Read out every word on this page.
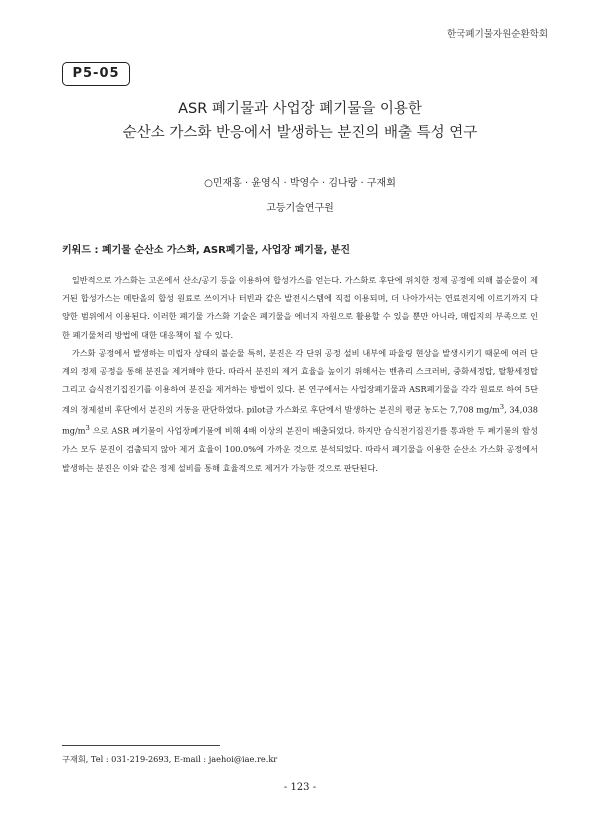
한국폐기물자원순환학회
P5-05
ASR 폐기물과 사업장 폐기물을 이용한
순산소 가스화 반응에서 발생하는 분진의 배출 특성 연구
○민재홍 · 윤영식 · 박영수 · 김나랑 · 구재회
고등기술연구원
키워드 : 폐기물 순산소 가스화, ASR폐기물, 사업장 폐기물, 분진

일반적으로 가스화는 고온에서 산소/공기 등을 이용하여 합성가스를 얻는다. 가스화로 후단에 위치한 정제 공정에 의해 불순물이 제거된 합성가스는 메탄올의 합성 원료로 쓰이거나 터빈과 같은 발전시스템에 직접 이용되며, 더 나아가서는 연료전지에 이르기까지 다양한 범위에서 이용된다. 이러한 폐기물 가스화 기술은 폐기물을 에너지 자원으로 활용할 수 있을 뿐만 아니라, 매립지의 부족으로 인한 폐기물처리 방법에 대한 대응책이 될 수 있다.

가스화 공정에서 발생하는 미립자 상태의 불순물 특히, 분진은 각 단위 공정 설비 내부에 파울링 현상을 발생시키기 때문에 여러 단계의 정제 공정을 통해 분진을 제거해야 한다. 따라서 분진의 제거 효율을 높이기 위해서는 벤츄리 스크러버, 중화세정탑, 탈황세정탑 그리고 습식전기집진기를 이용하여 분진을 제거하는 방법이 있다. 본 연구에서는 사업장폐기물과 ASR폐기물을 각각 원료로 하여 5단계의 정제설비 후단에서 분진의 거동을 판단하였다. pilot급 가스화로 후단에서 발생하는 분진의 평균 농도는 7,708 $mg/m^3$, 34,038 $mg/m^3$ 으로 ASR 폐기물이 사업장폐기물에 비해 4배 이상의 분진이 배출되었다. 하지만 습식전기집진기를 통과한 두 폐기물의 합성가스 모두 분진이 검출되지 않아 제거 효율이 100.0%에 가까운 것으로 분석되었다. 따라서 폐기물을 이용한 순산소 가스화 공정에서 발생하는 분진은 이와 같은 정제 설비를 통해 효율적으로 제거가 가능한 것으로 판단된다.

구재회, Tel : 031-219-2693, E-mail : jaehoi@iae.re.kr
- 123 -
